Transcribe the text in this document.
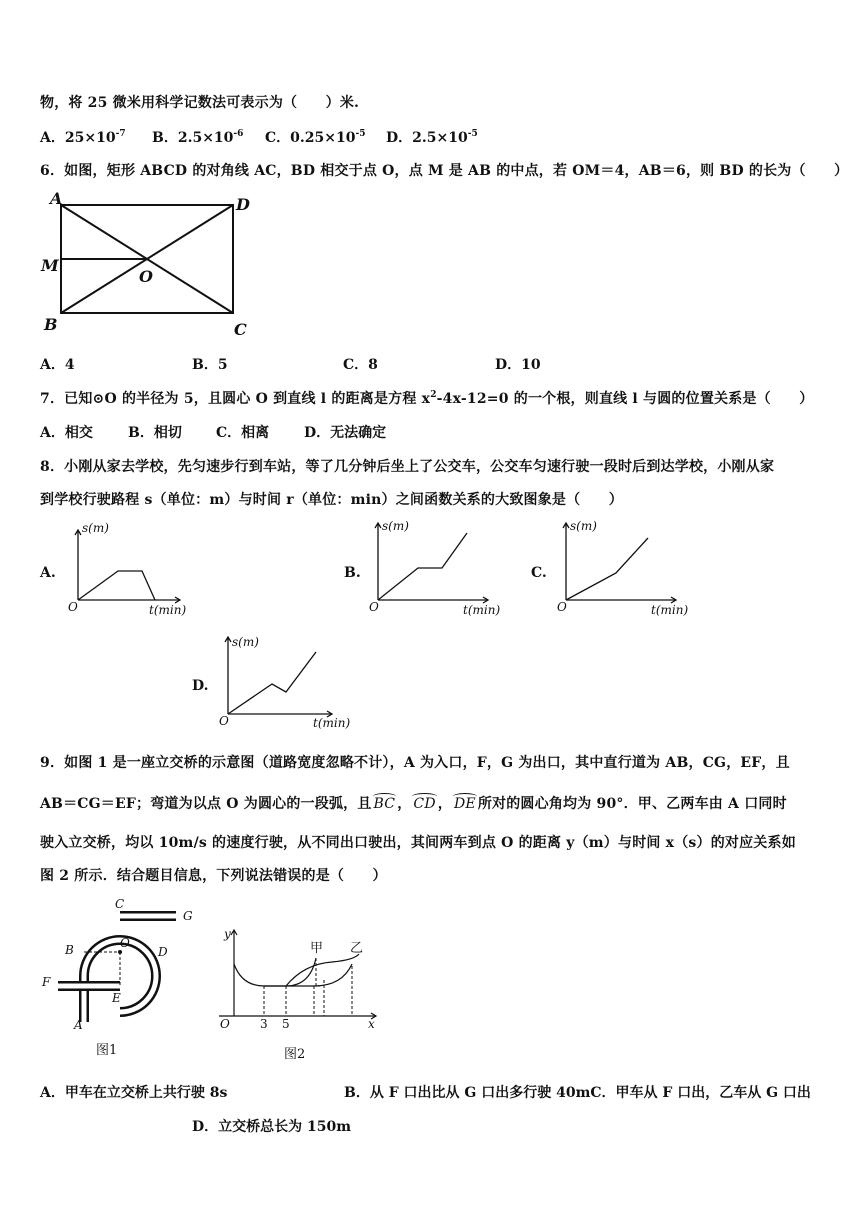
物，将 25 微米用科学记数法可表示为（　　）米.
A．$25\times 10^{-7}$ B．$2.5\times 10^{-6}$ C．$0.25\times 10^{-5}$ D．$2.5\times 10^{-5}$
6．如图，矩形 ABCD 的对角线 AC，BD 相交于点 O，点 M 是 AB 的中点，若 OM＝4，AB＝6，则 BD 的长为（　　）
A	D
M
O
B	C
A．4	B．5	C．8	D．10
7．已知⊙O 的半径为 5，且圆心 O 到直线 l 的距离是方程 $x^2-4x-12=0$ 的一个根，则直线 l 与圆的位置关系是（　　）
A．相交	B．相切 C．相离 D．无法确定
8．小刚从家去学校，先匀速步行到车站，等了几分钟后坐上了公交车，公交车匀速行驶一段时后到达学校，小刚从家
到学校行驶路程 s（单位：m）与时间 r（单位：min）之间函数关系的大致图象是（　　）
A.
s(m)
O	t(min)
B.
s(m)
O	t(min)
C.
s(m)
O	t(min)
D.
s(m)
O	t(min)
9．如图 1 是一座立交桥的示意图（道路宽度忽略不计），A 为入口，F，G 为出口，其中直行道为 AB，CG，EF，且
AB＝CG＝EF；弯道为以点 O 为圆心的一段弧，且 BC ， CD ， DE 所对的圆心角均为 90°．甲、乙两车由 A 口同时
驶入立交桥，均以 10m/s 的速度行驶，从不同出口驶出，其间两车到点 O 的距离 y（m）与时间 x（s）的对应关系如
图 2 所示．结合题目信息，下列说法错误的是（　　）
C
G
O
B	D
F
E
A
图1
y
O	x
3 5
甲 乙
图2
A．甲车在立交桥上共行驶 8s	B．从 F 口出比从 G 口出多行驶 40mC．甲车从 F 口出，乙车从 G 口出
D．立交桥总长为 150m
